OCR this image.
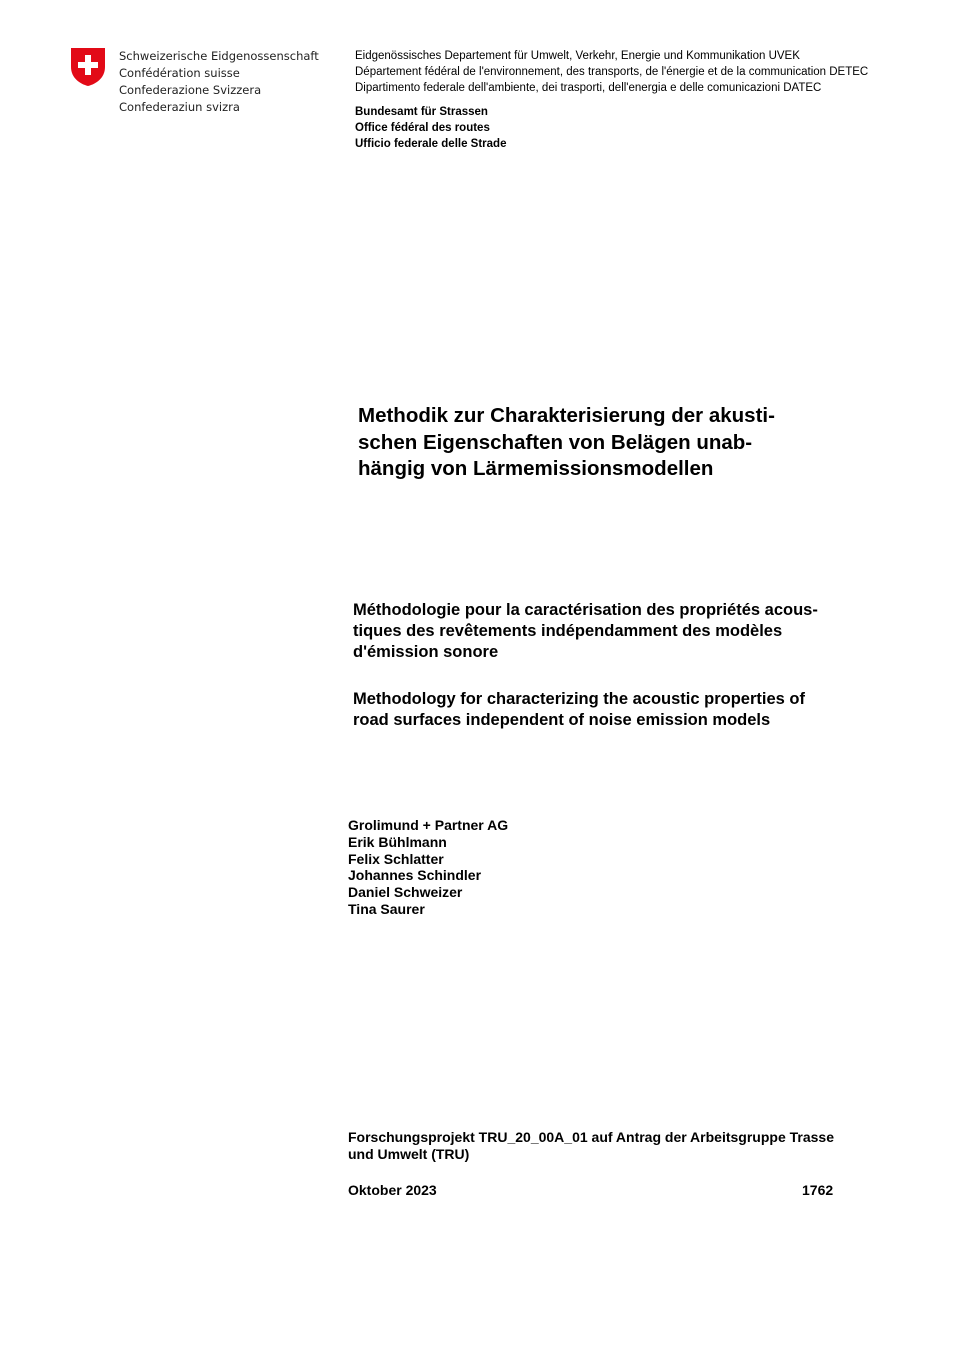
Schweizerische Eidgenossenschaft
Confédération suisse
Confederazione Svizzera
Confederaziun svizra
Eidgenössisches Departement für Umwelt, Verkehr, Energie und Kommunikation UVEK
Département fédéral de l'environnement, des transports, de l'énergie et de la communication DETEC
Dipartimento federale dell'ambiente, dei trasporti, dell'energia e delle comunicazioni DATEC
Bundesamt für Strassen
Office fédéral des routes
Ufficio federale delle Strade
Methodik zur Charakterisierung der akusti-
schen Eigenschaften von Belägen unab-
hängig von Lärmemissionsmodellen
Méthodologie pour la caractérisation des propriétés acous-
tiques des revêtements indépendamment des modèles
d'émission sonore
Methodology for characterizing the acoustic properties of
road surfaces independent of noise emission models
Grolimund + Partner AG
Erik Bühlmann
Felix Schlatter
Johannes Schindler
Daniel Schweizer
Tina Saurer
Forschungsprojekt TRU_20_00A_01 auf Antrag der Arbeitsgruppe Trasse
und Umwelt (TRU)
Oktober 2023	1762
